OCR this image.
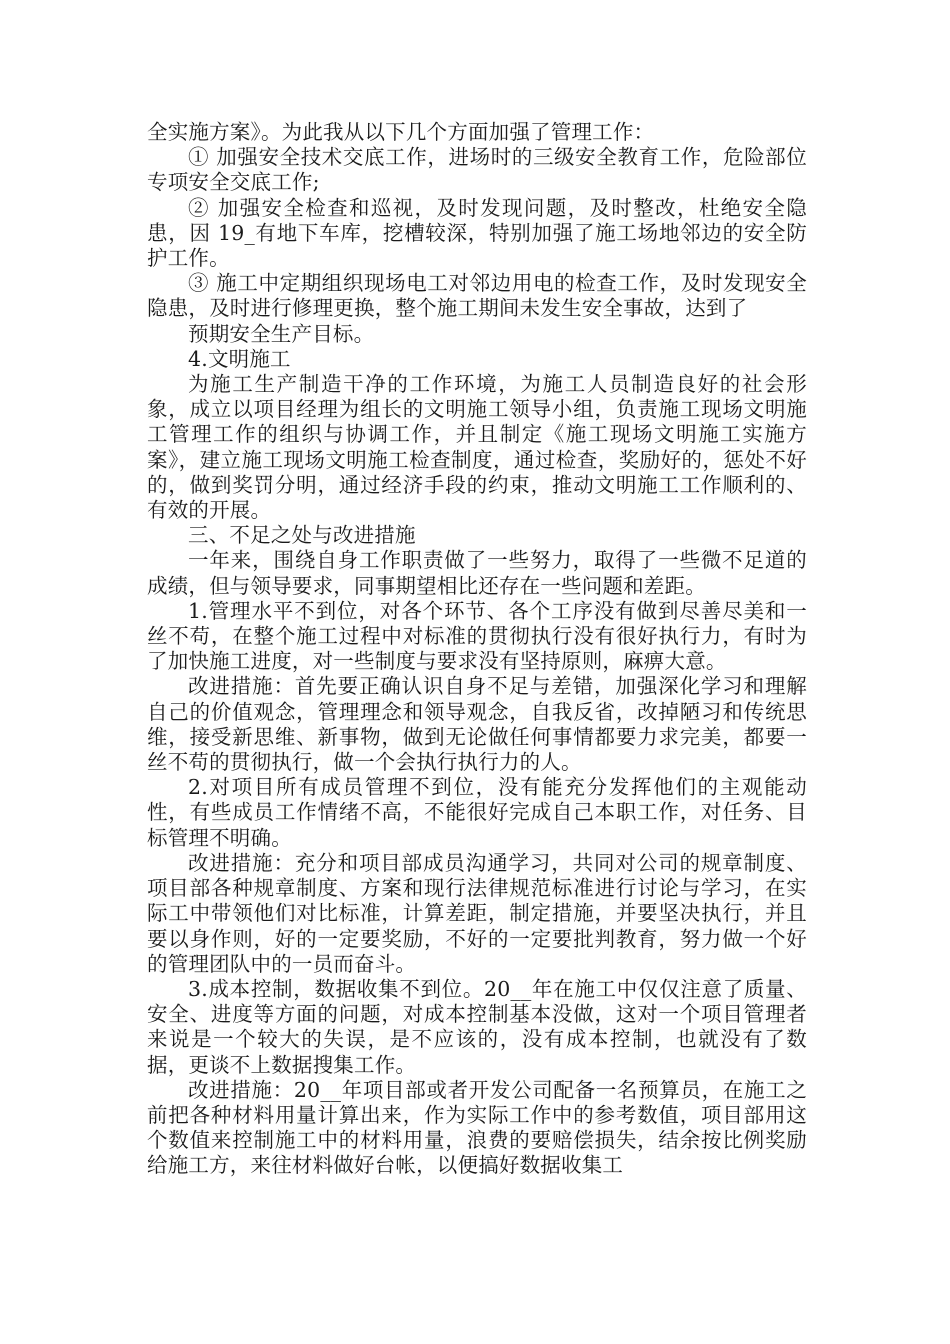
全实施方案》。为此我从以下几个方面加强了管理工作：

① 加强安全技术交底工作，进场时的三级安全教育工作，危险部位专项安全交底工作;

② 加强安全检查和巡视，及时发现问题，及时整改，杜绝安全隐患，因 19_有地下车库，挖槽较深，特别加强了施工场地邻边的安全防护工作。

③ 施工中定期组织现场电工对邻边用电的检查工作，及时发现安全隐患，及时进行修理更换，整个施工期间未发生安全事故，达到了

预期安全生产目标。

4.文明施工

为施工生产制造干净的工作环境，为施工人员制造良好的社会形象，成立以项目经理为组长的文明施工领导小组，负责施工现场文明施工管理工作的组织与协调工作，并且制定《施工现场文明施工实施方案》，建立施工现场文明施工检查制度，通过检查，奖励好的，惩处不好的，做到奖罚分明，通过经济手段的约束，推动文明施工工作顺利的、有效的开展。

三、不足之处与改进措施

一年来，围绕自身工作职责做了一些努力，取得了一些微不足道的成绩，但与领导要求，同事期望相比还存在一些问题和差距。

1.管理水平不到位，对各个环节、各个工序没有做到尽善尽美和一丝不苟，在整个施工过程中对标准的贯彻执行没有很好执行力，有时为了加快施工进度，对一些制度与要求没有坚持原则，麻痹大意。

改进措施：首先要正确认识自身不足与差错，加强深化学习和理解自己的价值观念，管理理念和领导观念，自我反省，改掉陋习和传统思维，接受新思维、新事物，做到无论做任何事情都要力求完美，都要一丝不苟的贯彻执行，做一个会执行执行力的人。

2.对项目所有成员管理不到位，没有能充分发挥他们的主观能动性，有些成员工作情绪不高，不能很好完成自己本职工作，对任务、目标管理不明确。

改进措施：充分和项目部成员沟通学习，共同对公司的规章制度、项目部各种规章制度、方案和现行法律规范标准进行讨论与学习，在实际工中带领他们对比标准，计算差距，制定措施，并要坚决执行，并且要以身作则，好的一定要奖励，不好的一定要批判教育，努力做一个好的管理团队中的一员而奋斗。

3.成本控制，数据收集不到位。20__年在施工中仅仅注意了质量、安全、进度等方面的问题，对成本控制基本没做，这对一个项目管理者来说是一个较大的失误，是不应该的，没有成本控制，也就没有了数据，更谈不上数据搜集工作。

改进措施：20__年项目部或者开发公司配备一名预算员，在施工之前把各种材料用量计算出来，作为实际工作中的参考数值，项目部用这个数值来控制施工中的材料用量，浪费的要赔偿损失，结余按比例奖励给施工方，来往材料做好台帐，以便搞好数据收集工
